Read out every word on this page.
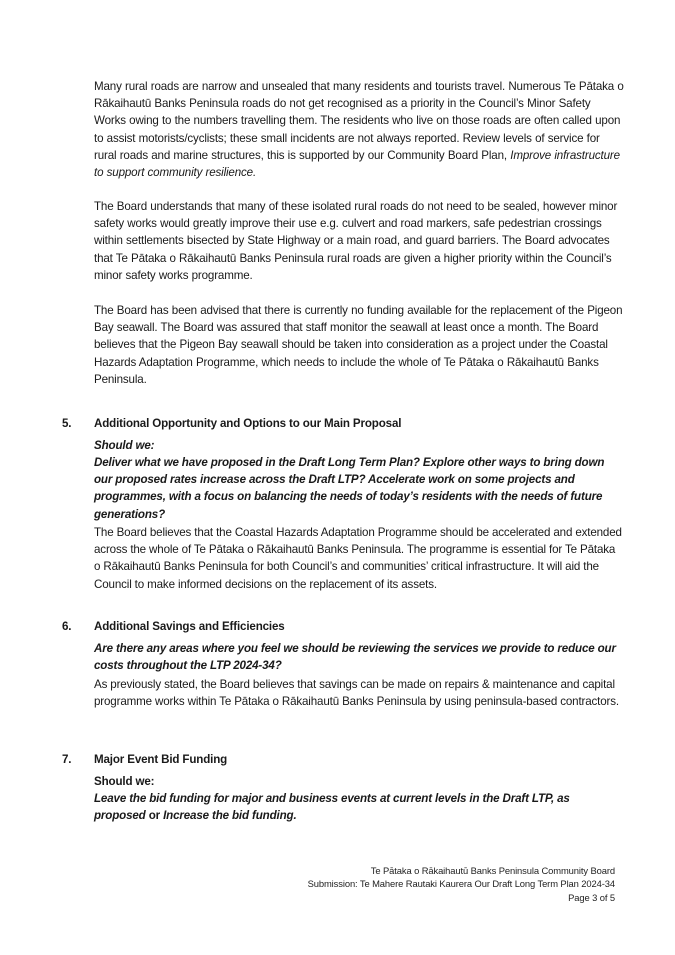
Many rural roads are narrow and unsealed that many residents and tourists travel. Numerous Te Pātaka o Rākaihautū Banks Peninsula roads do not get recognised as a priority in the Council’s Minor Safety Works owing to the numbers travelling them. The residents who live on those roads are often called upon to assist motorists/cyclists; these small incidents are not always reported. Review levels of service for rural roads and marine structures, this is supported by our Community Board Plan, Improve infrastructure to support community resilience.

The Board understands that many of these isolated rural roads do not need to be sealed, however minor safety works would greatly improve their use e.g. culvert and road markers, safe pedestrian crossings within settlements bisected by State Highway or a main road, and guard barriers. The Board advocates that Te Pātaka o Rākaihautū Banks Peninsula rural roads are given a higher priority within the Council’s minor safety works programme.

The Board has been advised that there is currently no funding available for the replacement of the Pigeon Bay seawall. The Board was assured that staff monitor the seawall at least once a month. The Board believes that the Pigeon Bay seawall should be taken into consideration as a project under the Coastal Hazards Adaptation Programme, which needs to include the whole of Te Pātaka o Rākaihautū Banks Peninsula.

5. Additional Opportunity and Options to our Main Proposal

Should we:

Deliver what we have proposed in the Draft Long Term Plan? Explore other ways to bring down our proposed rates increase across the Draft LTP? Accelerate work on some projects and programmes, with a focus on balancing the needs of today’s residents with the needs of future generations?

The Board believes that the Coastal Hazards Adaptation Programme should be accelerated and extended across the whole of Te Pātaka o Rākaihautū Banks Peninsula. The programme is essential for Te Pātaka o Rākaihautū Banks Peninsula for both Council’s and communities’ critical infrastructure. It will aid the Council to make informed decisions on the replacement of its assets.

6. Additional Savings and Efficiencies

Are there any areas where you feel we should be reviewing the services we provide to reduce our costs throughout the LTP 2024-34?

As previously stated, the Board believes that savings can be made on repairs & maintenance and capital programme works within Te Pātaka o Rākaihautū Banks Peninsula by using peninsula-based contractors.

7. Major Event Bid Funding

Should we:

Leave the bid funding for major and business events at current levels in the Draft LTP, as proposed or Increase the bid funding.

Te Pātaka o Rākaihautū Banks Peninsula Community Board
Submission: Te Mahere Rautaki Kaurera Our Draft Long Term Plan 2024-34
Page 3 of 5
